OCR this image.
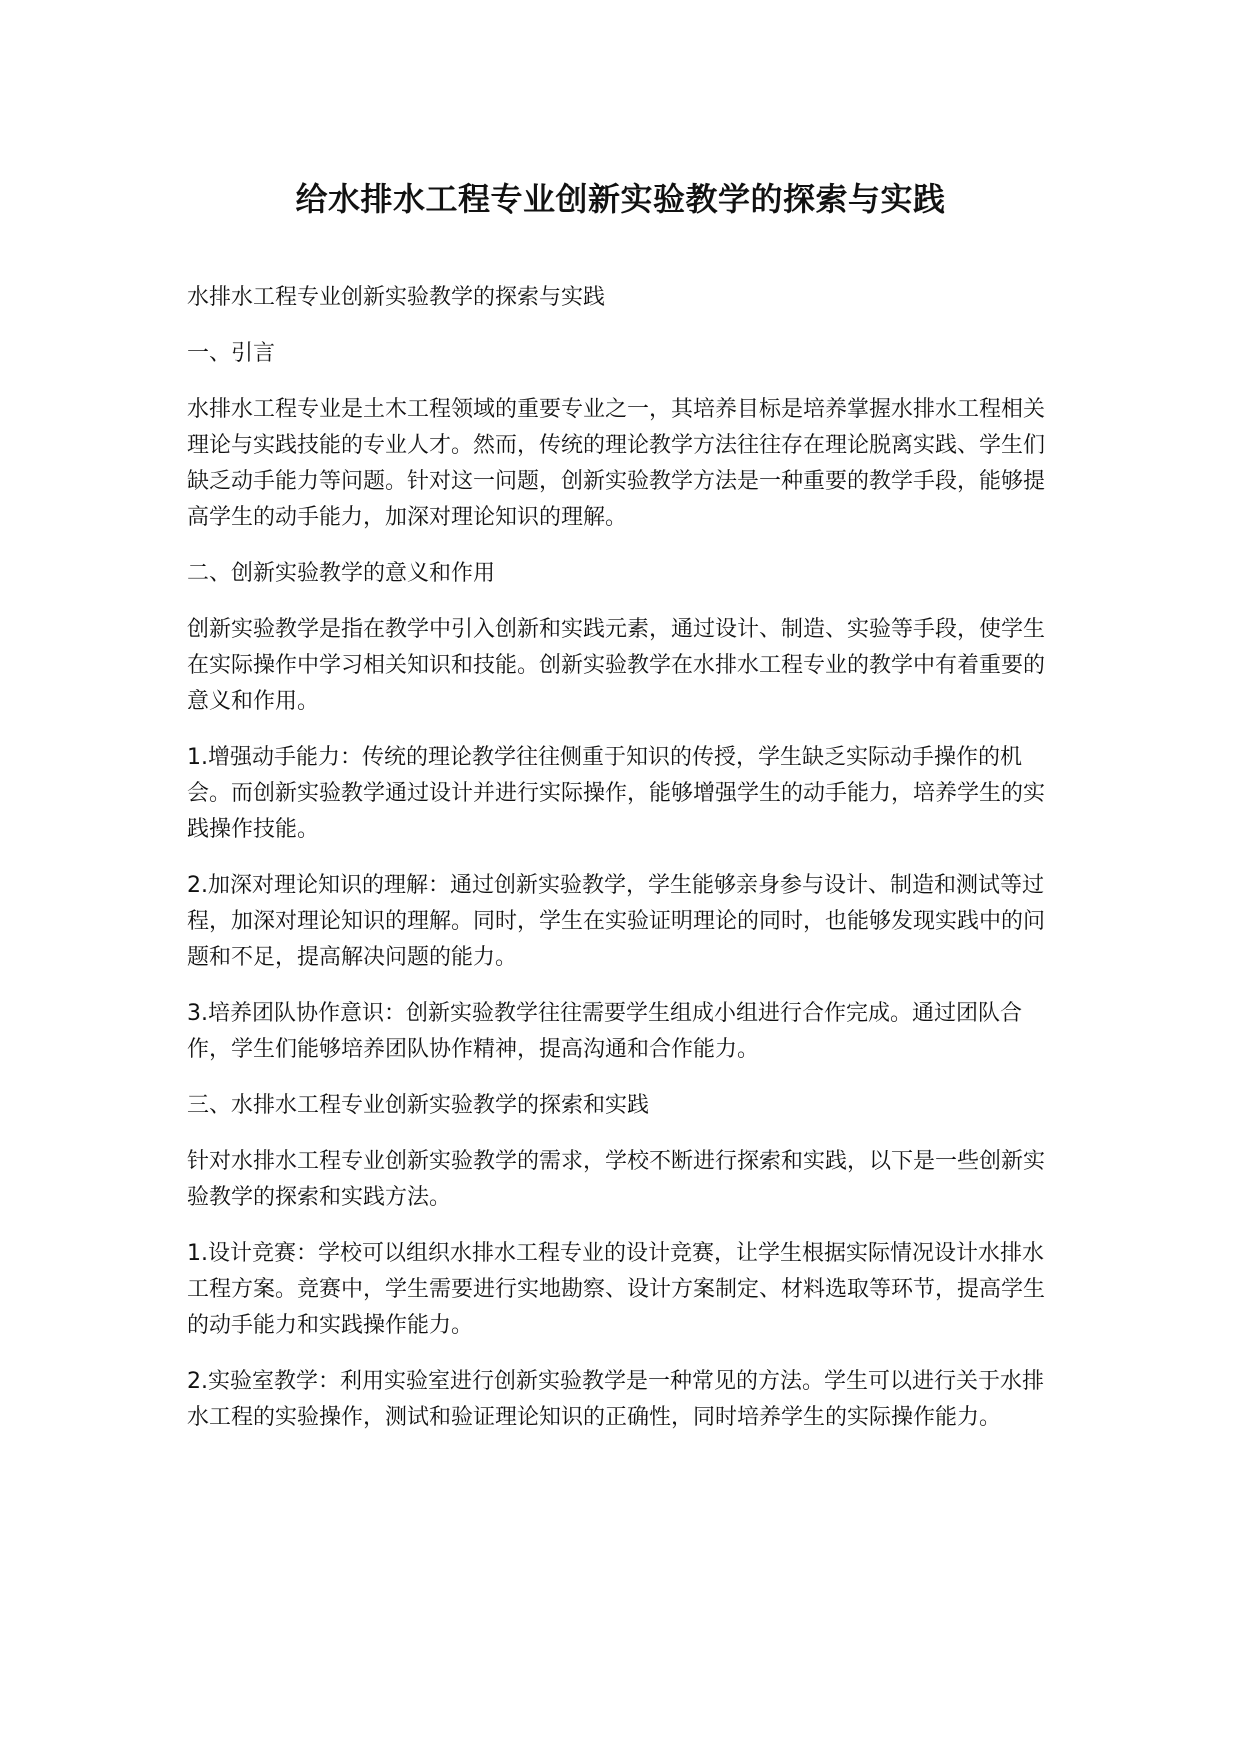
给水排水工程专业创新实验教学的探索与实践

水排水工程专业创新实验教学的探索与实践

一、引言

水排水工程专业是土木工程领域的重要专业之一，其培养目标是培养掌握水排水工程相关理论与实践技能的专业人才。然而，传统的理论教学方法往往存在理论脱离实践、学生们缺乏动手能力等问题。针对这一问题，创新实验教学方法是一种重要的教学手段，能够提高学生的动手能力，加深对理论知识的理解。

二、创新实验教学的意义和作用

创新实验教学是指在教学中引入创新和实践元素，通过设计、制造、实验等手段，使学生在实际操作中学习相关知识和技能。创新实验教学在水排水工程专业的教学中有着重要的意义和作用。

1.增强动手能力：传统的理论教学往往侧重于知识的传授，学生缺乏实际动手操作的机会。而创新实验教学通过设计并进行实际操作，能够增强学生的动手能力，培养学生的实践操作技能。

2.加深对理论知识的理解：通过创新实验教学，学生能够亲身参与设计、制造和测试等过程，加深对理论知识的理解。同时，学生在实验证明理论的同时，也能够发现实践中的问题和不足，提高解决问题的能力。

3.培养团队协作意识：创新实验教学往往需要学生组成小组进行合作完成。通过团队合作，学生们能够培养团队协作精神，提高沟通和合作能力。

三、水排水工程专业创新实验教学的探索和实践

针对水排水工程专业创新实验教学的需求，学校不断进行探索和实践，以下是一些创新实验教学的探索和实践方法。

1.设计竞赛：学校可以组织水排水工程专业的设计竞赛，让学生根据实际情况设计水排水工程方案。竞赛中，学生需要进行实地勘察、设计方案制定、材料选取等环节，提高学生的动手能力和实践操作能力。

2.实验室教学：利用实验室进行创新实验教学是一种常见的方法。学生可以进行关于水排水工程的实验操作，测试和验证理论知识的正确性，同时培养学生的实际操作能力。
